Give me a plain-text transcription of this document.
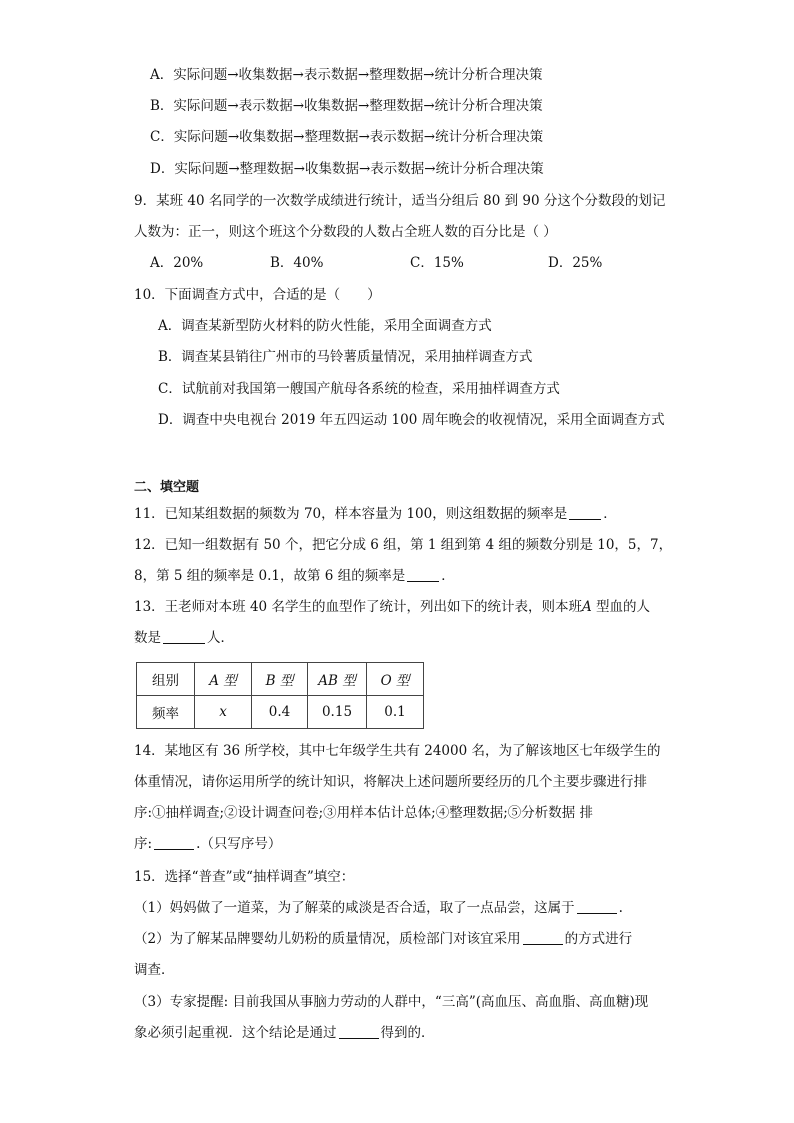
A．实际问题→收集数据→表示数据→整理数据→统计分析合理决策
B．实际问题→表示数据→收集数据→整理数据→统计分析合理决策
C．实际问题→收集数据→整理数据→表示数据→统计分析合理决策
D．实际问题→整理数据→收集数据→表示数据→统计分析合理决策
9．某班 40 名同学的一次数学成绩进行统计，适当分组后 80 到 90 分这个分数段的划记
人数为：正一，则这个班这个分数段的人数占全班人数的百分比是（ ）
A．20%	B．40%	C．15%	D．25%
10．下面调查方式中，合适的是（　　）
A．调查某新型防火材料的防火性能，采用全面调查方式
B．调查某县销往广州市的马铃薯质量情况，采用抽样调查方式
C．试航前对我国第一艘国产航母各系统的检查，采用抽样调查方式
D．调查中央电视台 2019 年五四运动 100 周年晚会的收视情况，采用全面调查方式
二、填空题
11．已知某组数据的频数为 70，样本容量为 100，则这组数据的频率是	．
12．已知一组数据有 50 个，把它分成 6 组，第 1 组到第 4 组的频数分别是 10，5，7，
8，第 5 组的频率是 0.1，故第 6 组的频率是	．
13．王老师对本班 40 名学生的血型作了统计，列出如下的统计表，则本班A 型血的人
数是	人．
组别	A 型	B 型	AB 型	O 型
频率	x	0.4	0.15	0.1
14．某地区有 36 所学校，其中七年级学生共有 24000 名，为了解该地区七年级学生的
体重情况，请你运用所学的统计知识，将解决上述问题所要经历的几个主要步骤进行排
序:①抽样调查;②设计调查问卷;③用样本估计总体;④整理数据;⑤分析数据 排
序:	.（只写序号）
15．选择“普查”或“抽样调查”填空：
（1）妈妈做了一道菜，为了解菜的咸淡是否合适，取了一点品尝，这属于	.
（2）为了解某品牌婴幼儿奶粉的质量情况，质检部门对该宜采用	的方式进行
调查．
（3）专家提醒: 目前我国从事脑力劳动的人群中，“三高”(高血压、高血脂、高血糖)现
象必须引起重视．这个结论是通过	得到的．
